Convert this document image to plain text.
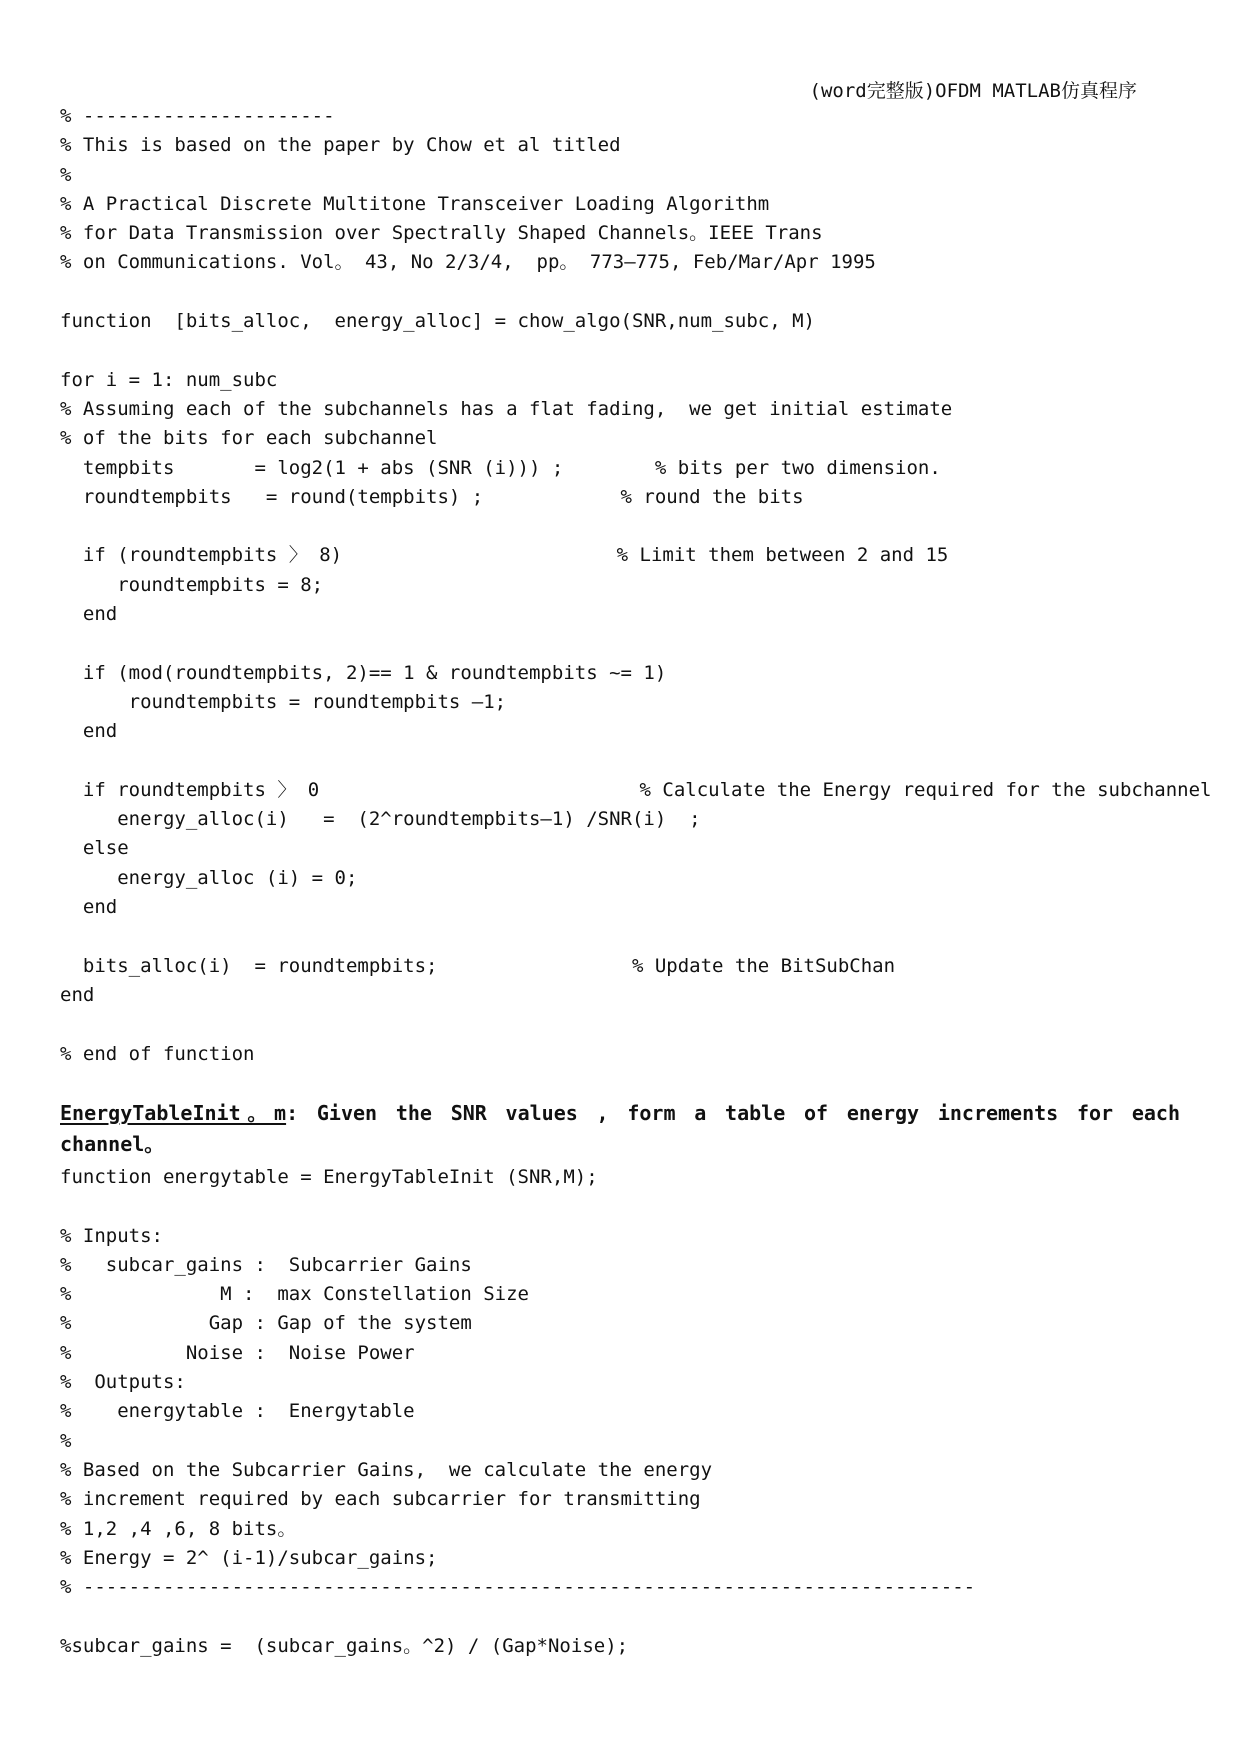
(word完整版)OFDM MATLAB仿真程序
% ----------------------
% This is based on the paper by Chow et al titled
%
% A Practical Discrete Multitone Transceiver Loading Algorithm
% for Data Transmission over Spectrally Shaped Channels。IEEE Trans
% on Communications. Vol。 43, No 2/3/4,  pp。 773—775, Feb/Mar/Apr 1995
function  [bits_alloc,  energy_alloc] = chow_algo(SNR,num_subc, M)
for i = 1: num_subc
% Assuming each of the subchannels has a flat fading,  we get initial estimate
% of the bits for each subchannel
tempbits       = log2(1 + abs (SNR (i))) ;        % bits per two dimension.
roundtempbits   = round(tempbits) ;            % round the bits
if (roundtempbits 〉 8)                        % Limit them between 2 and 15
roundtempbits = 8;
end
if (mod(roundtempbits, 2)== 1 & roundtempbits ~= 1)
roundtempbits = roundtempbits —1;
end
if roundtempbits 〉 0                            % Calculate the Energy required for the subchannel
energy_alloc(i)   =  (2^roundtempbits—1) /SNR(i)  ;
else
energy_alloc (i) = 0;
end
bits_alloc(i)  = roundtempbits;                 % Update the BitSubChan
end
% end of function
EnergyTableInit。m: Given the SNR values , form a table of energy increments for each channel。
function energytable = EnergyTableInit (SNR,M);
% Inputs:
%   subcar_gains :  Subcarrier Gains
%             M :  max Constellation Size
%            Gap : Gap of the system
%          Noise :  Noise Power
%  Outputs:
%    energytable :  Energytable
%
% Based on the Subcarrier Gains,  we calculate the energy
% increment required by each subcarrier for transmitting
% 1,2 ,4 ,6, 8 bits。
% Energy = 2^ (i-1)/subcar_gains;
% ------------------------------------------------------------------------------
%subcar_gains =  (subcar_gains。^2) / (Gap*Noise);
